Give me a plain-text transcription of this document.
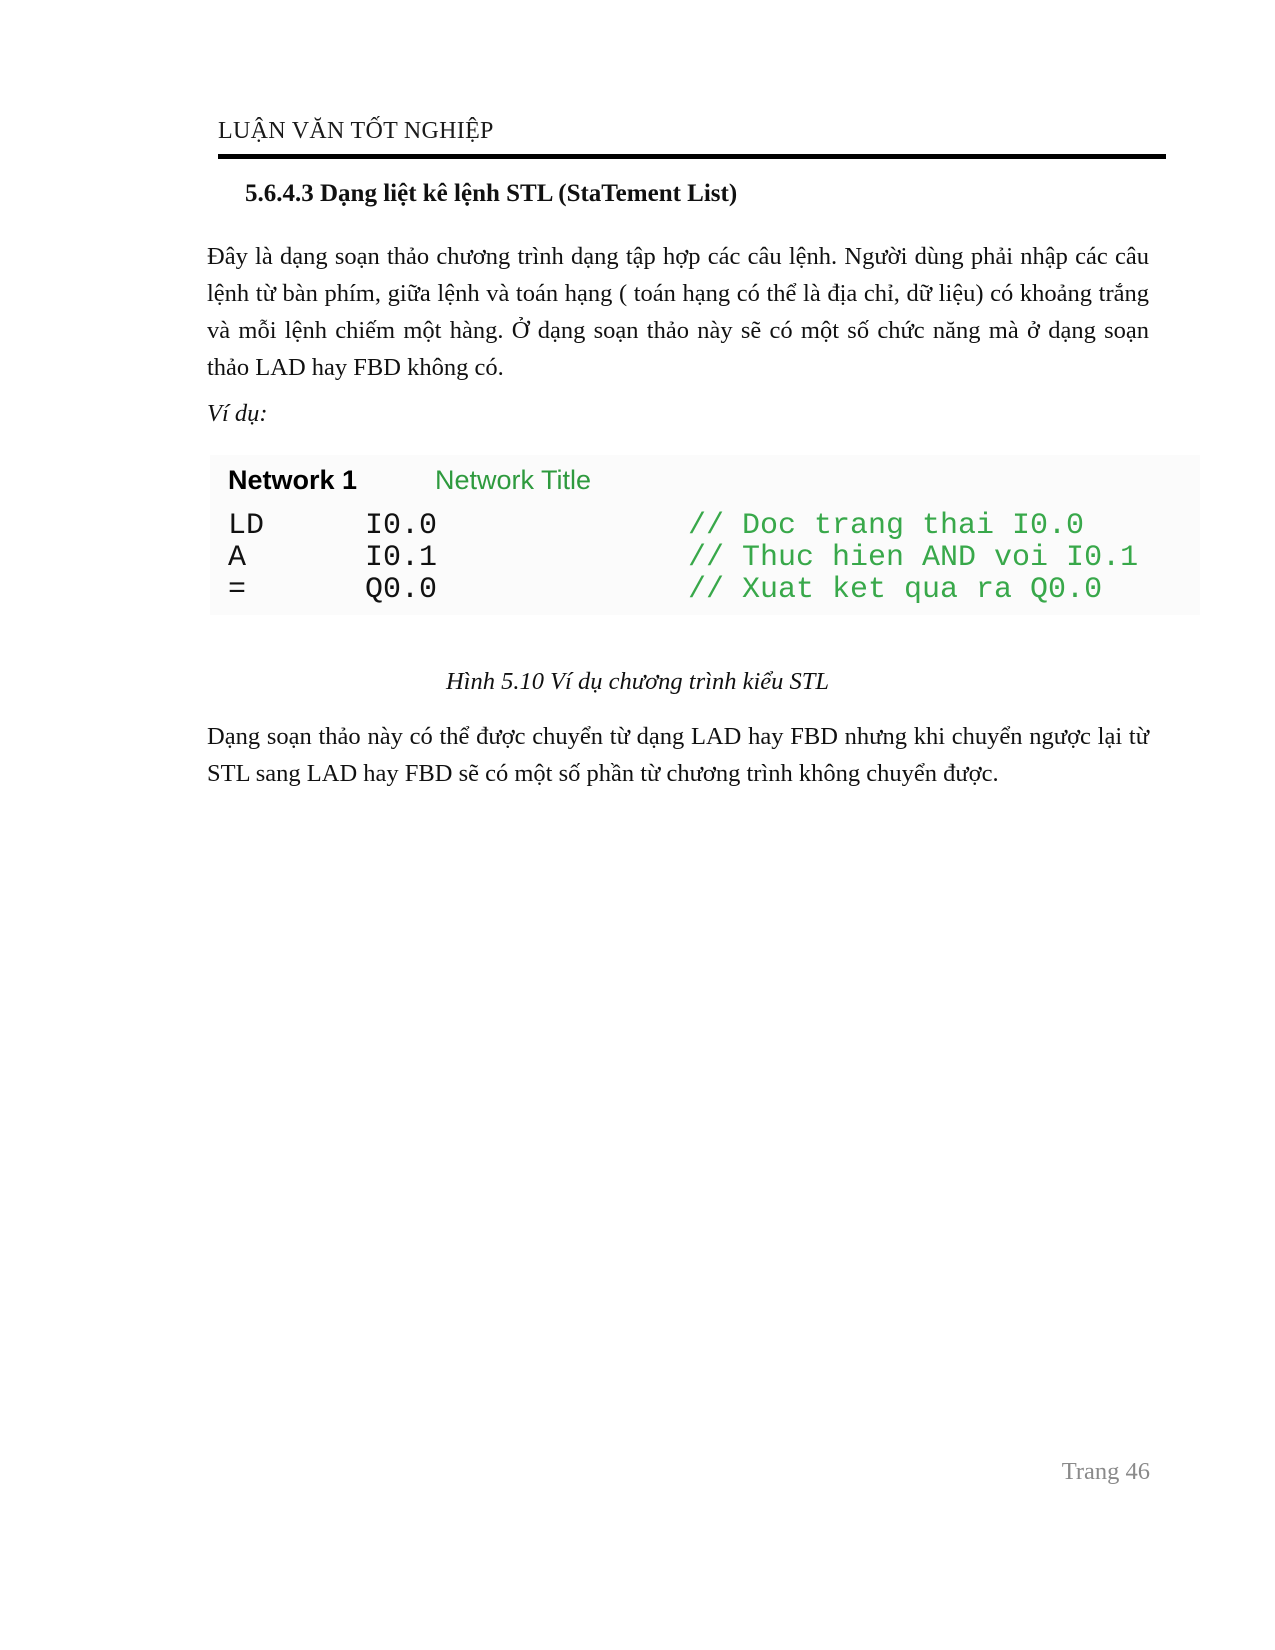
LUẬN VĂN TỐT NGHIỆP
5.6.4.3 Dạng liệt kê lệnh STL (StaTement List)
Đây là dạng soạn thảo chương trình dạng tập hợp các câu lệnh. Người dùng phải nhập các câu lệnh từ bàn phím, giữa lệnh và toán hạng ( toán hạng có thể là địa chỉ, dữ liệu) có khoảng trắng và mỗi lệnh chiếm một hàng. Ở dạng soạn thảo này sẽ có một số chức năng mà ở dạng soạn thảo LAD hay FBD không có.
Ví dụ:
Network 1	Network Title
LD	I0.0	// Doc trang thai I0.0
A	I0.1	// Thuc hien AND voi I0.1
=	Q0.0	// Xuat ket qua ra Q0.0
Hình 5.10 Ví dụ chương trình kiểu STL
Dạng soạn thảo này có thể được chuyển từ dạng LAD hay FBD nhưng khi chuyển ngược lại từ STL sang LAD hay FBD sẽ có một số phần từ chương trình không chuyển được.
Trang 46
